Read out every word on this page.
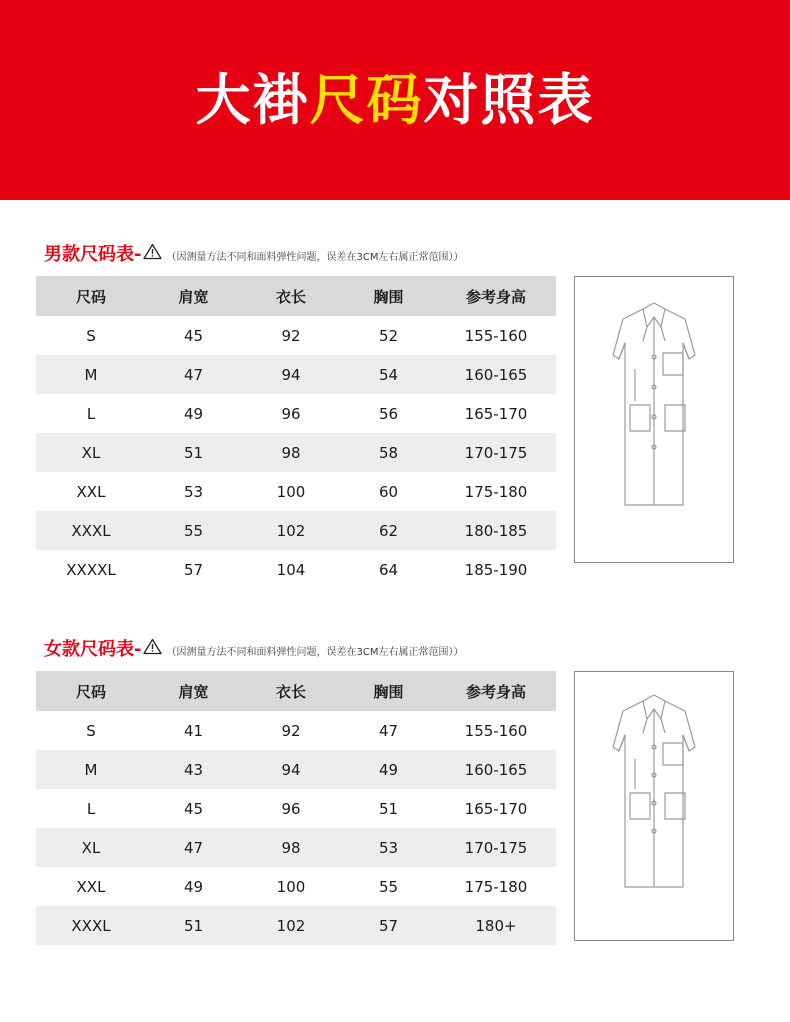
大褂尺码对照表
男款尺码表-	（因测量方法不同和面料弹性问题，误差在3CM左右属正常范围））
尺码	肩宽	衣长	胸围	参考身高
S	45	92	52	155-160
M	47	94	54	160-165
L	49	96	56	165-170
XL	51	98	58	170-175
XXL	53	100	60	175-180
XXXL	55	102	62	180-185
XXXXL	57	104	64	185-190
女款尺码表-	（因测量方法不同和面料弹性问题，误差在3CM左右属正常范围））
尺码	肩宽	衣长	胸围	参考身高
S	41	92	47	155-160
M	43	94	49	160-165
L	45	96	51	165-170
XL	47	98	53	170-175
XXL	49	100	55	175-180
XXXL	51	102	57	180+
